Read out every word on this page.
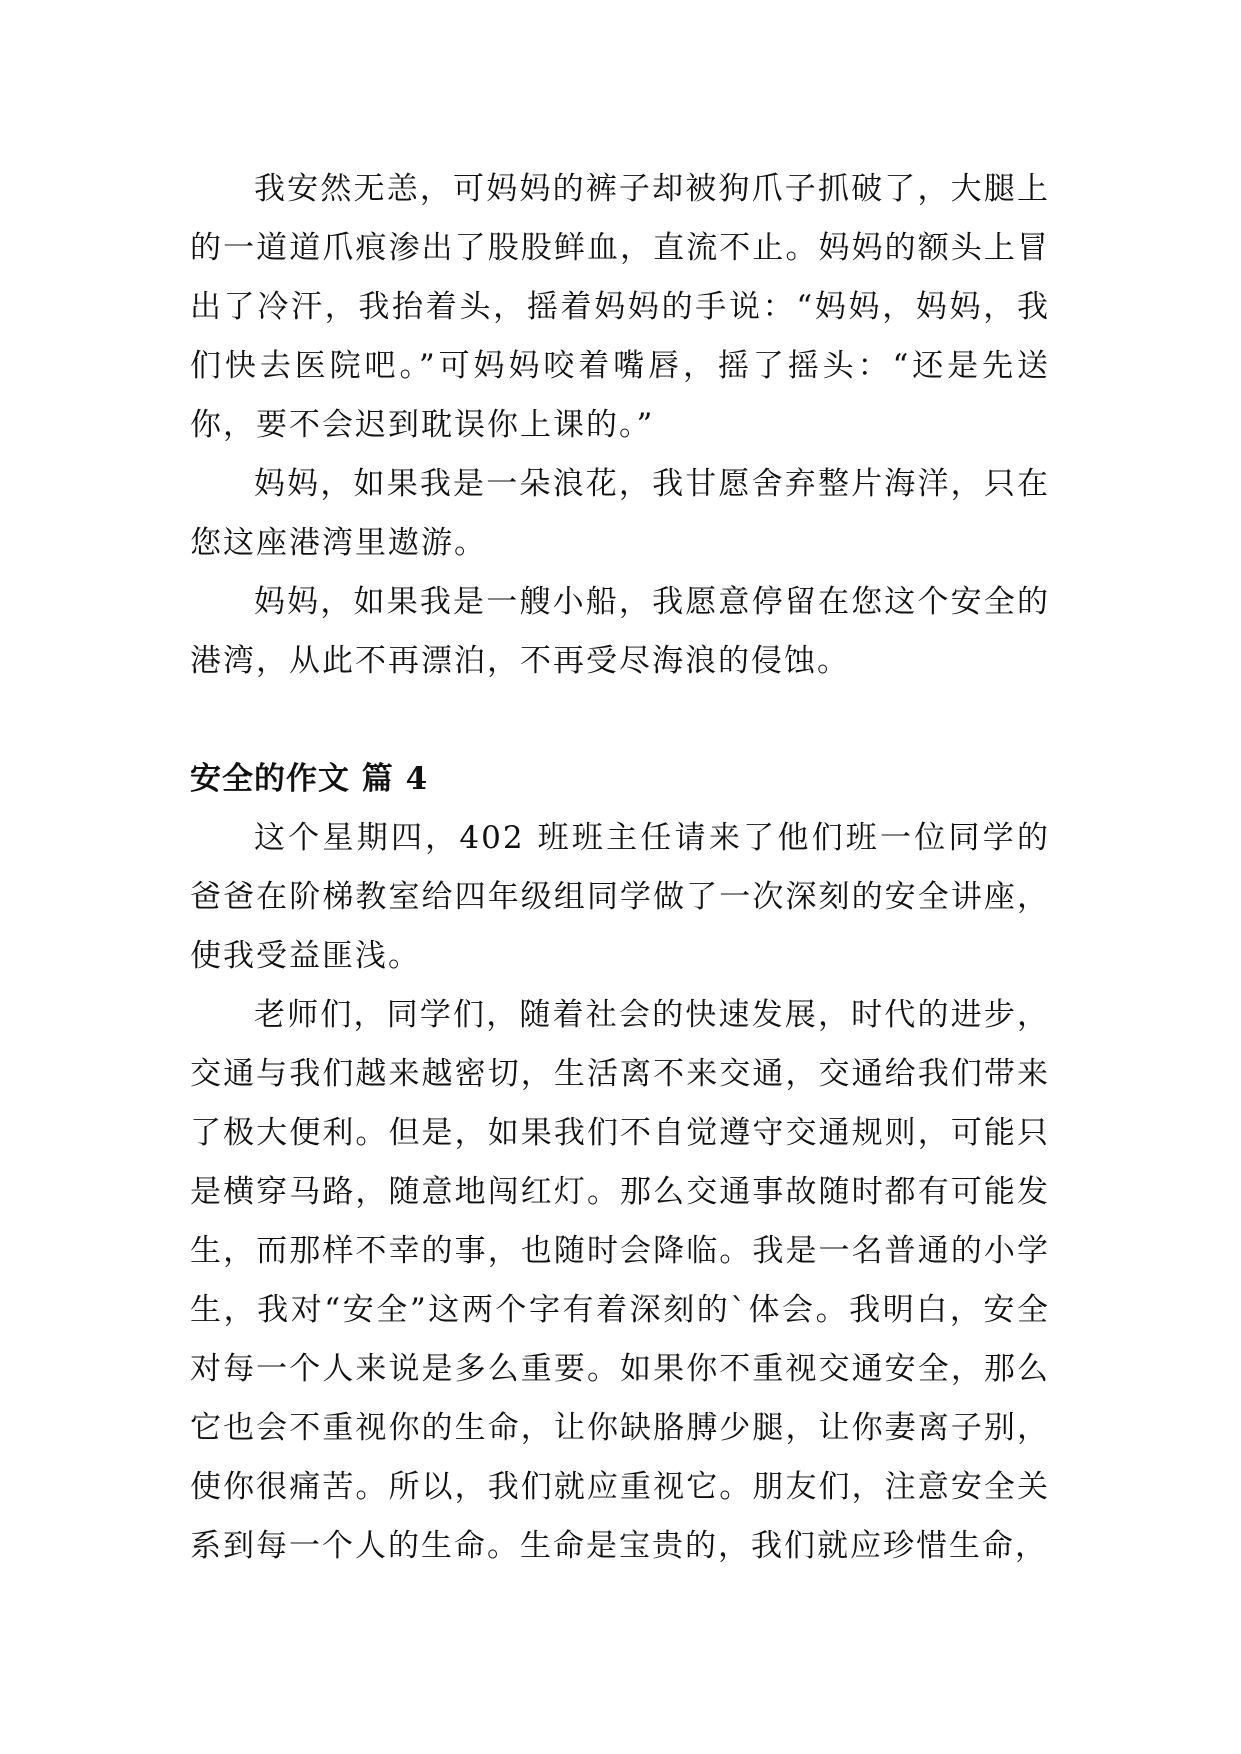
我安然无恙，可妈妈的裤子却被狗爪子抓破了，大腿上的一道道爪痕渗出了股股鲜血，直流不止。妈妈的额头上冒出了冷汗，我抬着头，摇着妈妈的手说：“妈妈，妈妈，我们快去医院吧。”可妈妈咬着嘴唇，摇了摇头：“还是先送你，要不会迟到耽误你上课的。”

妈妈，如果我是一朵浪花，我甘愿舍弃整片海洋，只在您这座港湾里遨游。

妈妈，如果我是一艘小船，我愿意停留在您这个安全的港湾，从此不再漂泊，不再受尽海浪的侵蚀。

安全的作文 篇 4

这个星期四，402 班班主任请来了他们班一位同学的爸爸在阶梯教室给四年级组同学做了一次深刻的安全讲座，使我受益匪浅。

老师们，同学们，随着社会的快速发展，时代的进步，交通与我们越来越密切，生活离不来交通，交通给我们带来了极大便利。但是，如果我们不自觉遵守交通规则，可能只是横穿马路，随意地闯红灯。那么交通事故随时都有可能发生，而那样不幸的事，也随时会降临。我是一名普通的小学生，我对“安全”这两个字有着深刻的`体会。我明白，安全对每一个人来说是多么重要。如果你不重视交通安全，那么它也会不重视你的生命，让你缺胳膊少腿，让你妻离子别，使你很痛苦。所以，我们就应重视它。朋友们，注意安全关系到每一个人的生命。生命是宝贵的，我们就应珍惜生命，
